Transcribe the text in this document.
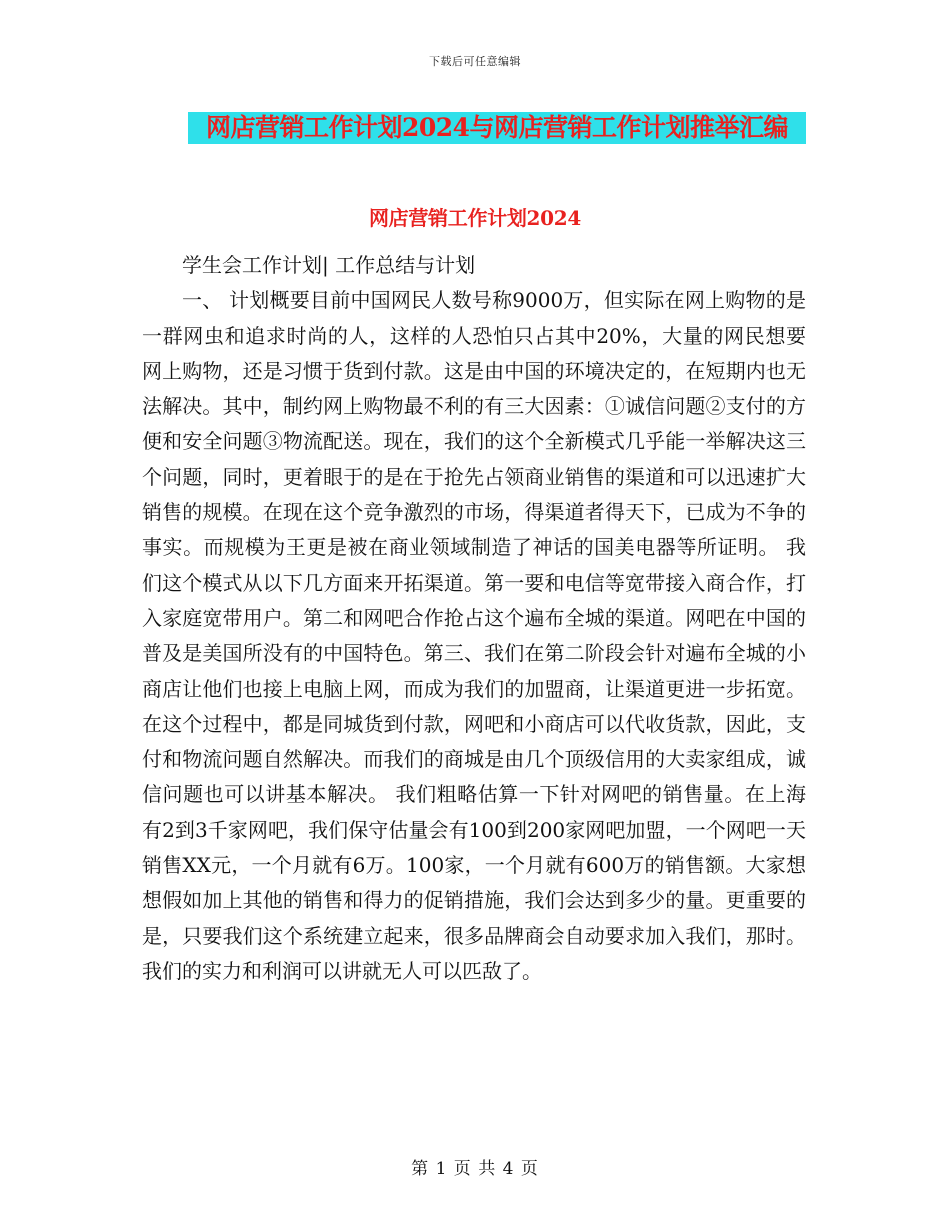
下载后可任意编辑
网店营销工作计划2024与网店营销工作计划推举汇编
网店营销工作计划2024

学生会工作计划| 工作总结与计划

一、 计划概要目前中国网民人数号称9000万，但实际在网上购物的是一群网虫和追求时尚的人，这样的人恐怕只占其中20%，大量的网民想要网上购物，还是习惯于货到付款。这是由中国的环境决定的，在短期内也无法解决。其中，制约网上购物最不利的有三大因素：①诚信问题②支付的方便和安全问题③物流配送。现在，我们的这个全新模式几乎能一举解决这三个问题，同时，更着眼于的是在于抢先占领商业销售的渠道和可以迅速扩大销售的规模。在现在这个竞争激烈的市场，得渠道者得天下，已成为不争的事实。而规模为王更是被在商业领域制造了神话的国美电器等所证明。 我们这个模式从以下几方面来开拓渠道。第一要和电信等宽带接入商合作，打入家庭宽带用户。第二和网吧合作抢占这个遍布全城的渠道。网吧在中国的普及是美国所没有的中国特色。第三、我们在第二阶段会针对遍布全城的小商店让他们也接上电脑上网，而成为我们的加盟商，让渠道更进一步拓宽。在这个过程中，都是同城货到付款，网吧和小商店可以代收货款，因此，支付和物流问题自然解决。而我们的商城是由几个顶级信用的大卖家组成，诚信问题也可以讲基本解决。 我们粗略估算一下针对网吧的销售量。在上海有2到3千家网吧，我们保守估量会有100到200家网吧加盟，一个网吧一天销售XX元，一个月就有6万。100家，一个月就有600万的销售额。大家想想假如加上其他的销售和得力的促销措施，我们会达到多少的量。更重要的是，只要我们这个系统建立起来，很多品牌商会自动要求加入我们，那时。我们的实力和利润可以讲就无人可以匹敌了。

第 1 页 共 4 页
